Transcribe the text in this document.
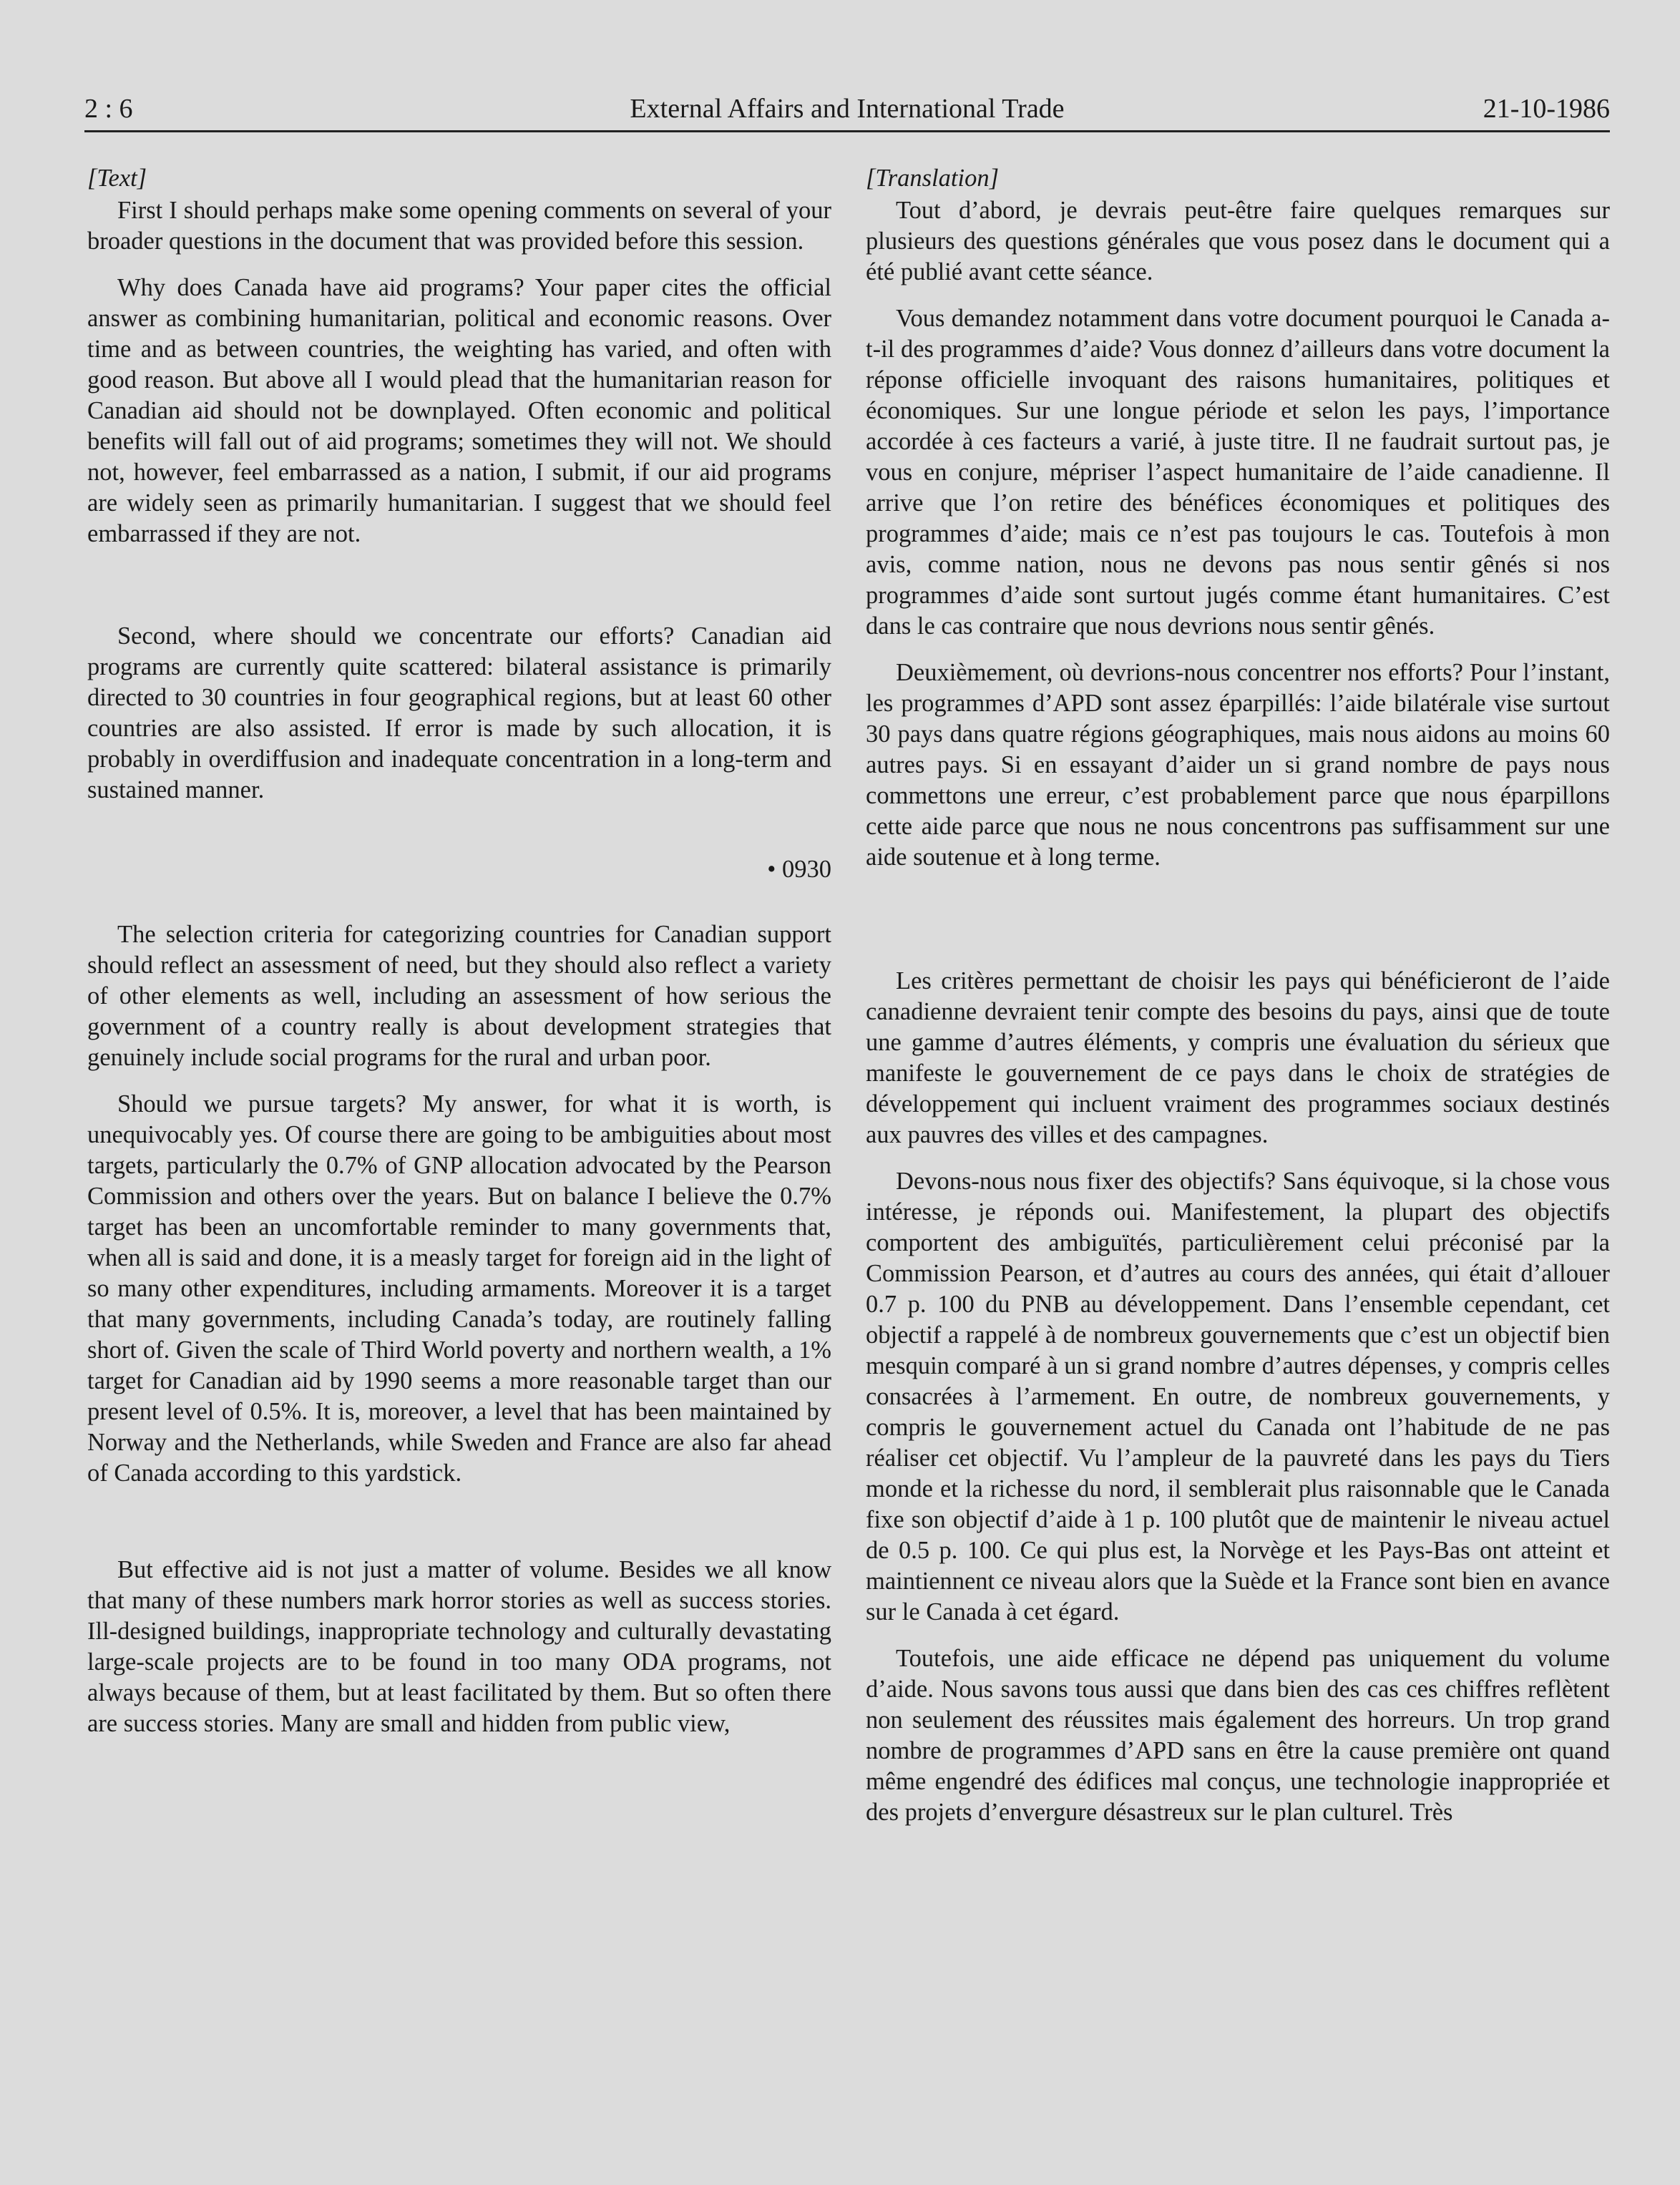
2 : 6	External Affairs and International Trade	21-10-1986

[Text]

First I should perhaps make some opening comments on several of your broader questions in the document that was provided before this session.

Why does Canada have aid programs? Your paper cites the official answer as combining humanitarian, political and economic reasons. Over time and as between countries, the weighting has varied, and often with good reason. But above all I would plead that the humanitarian reason for Canadian aid should not be downplayed. Often economic and political benefits will fall out of aid programs; sometimes they will not. We should not, however, feel embarrassed as a nation, I submit, if our aid programs are widely seen as primarily humanitarian. I suggest that we should feel embarrassed if they are not.

Second, where should we concentrate our efforts? Canadian aid programs are currently quite scattered: bilateral assistance is primarily directed to 30 countries in four geographical regions, but at least 60 other countries are also assisted. If error is made by such allocation, it is probably in overdiffusion and inadequate concentration in a long-term and sustained manner.

• 0930

The selection criteria for categorizing countries for Canadian support should reflect an assessment of need, but they should also reflect a variety of other elements as well, including an assessment of how serious the government of a country really is about development strategies that genuinely include social programs for the rural and urban poor.

Should we pursue targets? My answer, for what it is worth, is unequivocably yes. Of course there are going to be ambiguities about most targets, particularly the 0.7% of GNP allocation advocated by the Pearson Commission and others over the years. But on balance I believe the 0.7% target has been an uncomfortable reminder to many governments that, when all is said and done, it is a measly target for foreign aid in the light of so many other expenditures, including armaments. Moreover it is a target that many governments, including Canada’s today, are routinely falling short of. Given the scale of Third World poverty and northern wealth, a 1% target for Canadian aid by 1990 seems a more reasonable target than our present level of 0.5%. It is, moreover, a level that has been maintained by Norway and the Netherlands, while Sweden and France are also far ahead of Canada according to this yardstick.

But effective aid is not just a matter of volume. Besides we all know that many of these numbers mark horror stories as well as success stories. Ill-designed buildings, inappropriate technology and culturally devastating large-scale projects are to be found in too many ODA programs, not always because of them, but at least facilitated by them. But so often there are success stories. Many are small and hidden from public view,

[Translation]

Tout d’abord, je devrais peut-être faire quelques remarques sur plusieurs des questions générales que vous posez dans le document qui a été publié avant cette séance.

Vous demandez notamment dans votre document pourquoi le Canada a-t-il des programmes d’aide? Vous donnez d’ailleurs dans votre document la réponse officielle invoquant des raisons humanitaires, politiques et économiques. Sur une longue période et selon les pays, l’importance accordée à ces facteurs a varié, à juste titre. Il ne faudrait surtout pas, je vous en conjure, mépriser l’aspect humanitaire de l’aide canadienne. Il arrive que l’on retire des bénéfices économiques et politiques des programmes d’aide; mais ce n’est pas toujours le cas. Toutefois à mon avis, comme nation, nous ne devons pas nous sentir gênés si nos programmes d’aide sont surtout jugés comme étant humanitaires. C’est dans le cas contraire que nous devrions nous sentir gênés.

Deuxièmement, où devrions-nous concentrer nos efforts? Pour l’instant, les programmes d’APD sont assez éparpillés: l’aide bilatérale vise surtout 30 pays dans quatre régions géographiques, mais nous aidons au moins 60 autres pays. Si en essayant d’aider un si grand nombre de pays nous commettons une erreur, c’est probablement parce que nous éparpillons cette aide parce que nous ne nous concentrons pas suffisamment sur une aide soutenue et à long terme.

Les critères permettant de choisir les pays qui bénéficieront de l’aide canadienne devraient tenir compte des besoins du pays, ainsi que de toute une gamme d’autres éléments, y compris une évaluation du sérieux que manifeste le gouvernement de ce pays dans le choix de stratégies de développement qui incluent vraiment des programmes sociaux destinés aux pauvres des villes et des campagnes.

Devons-nous nous fixer des objectifs? Sans équivoque, si la chose vous intéresse, je réponds oui. Manifestement, la plupart des objectifs comportent des ambiguïtés, particulièrement celui préconisé par la Commission Pearson, et d’autres au cours des années, qui était d’allouer 0.7 p. 100 du PNB au développement. Dans l’ensemble cependant, cet objectif a rappelé à de nombreux gouvernements que c’est un objectif bien mesquin comparé à un si grand nombre d’autres dépenses, y compris celles consacrées à l’armement. En outre, de nombreux gouvernements, y compris le gouvernement actuel du Canada ont l’habitude de ne pas réaliser cet objectif. Vu l’ampleur de la pauvreté dans les pays du Tiers monde et la richesse du nord, il semblerait plus raisonnable que le Canada fixe son objectif d’aide à 1 p. 100 plutôt que de maintenir le niveau actuel de 0.5 p. 100. Ce qui plus est, la Norvège et les Pays-Bas ont atteint et maintiennent ce niveau alors que la Suède et la France sont bien en avance sur le Canada à cet égard.

Toutefois, une aide efficace ne dépend pas uniquement du volume d’aide. Nous savons tous aussi que dans bien des cas ces chiffres reflètent non seulement des réussites mais également des horreurs. Un trop grand nombre de programmes d’APD sans en être la cause première ont quand même engendré des édifices mal conçus, une technologie inappropriée et des projets d’envergure désastreux sur le plan culturel. Très
